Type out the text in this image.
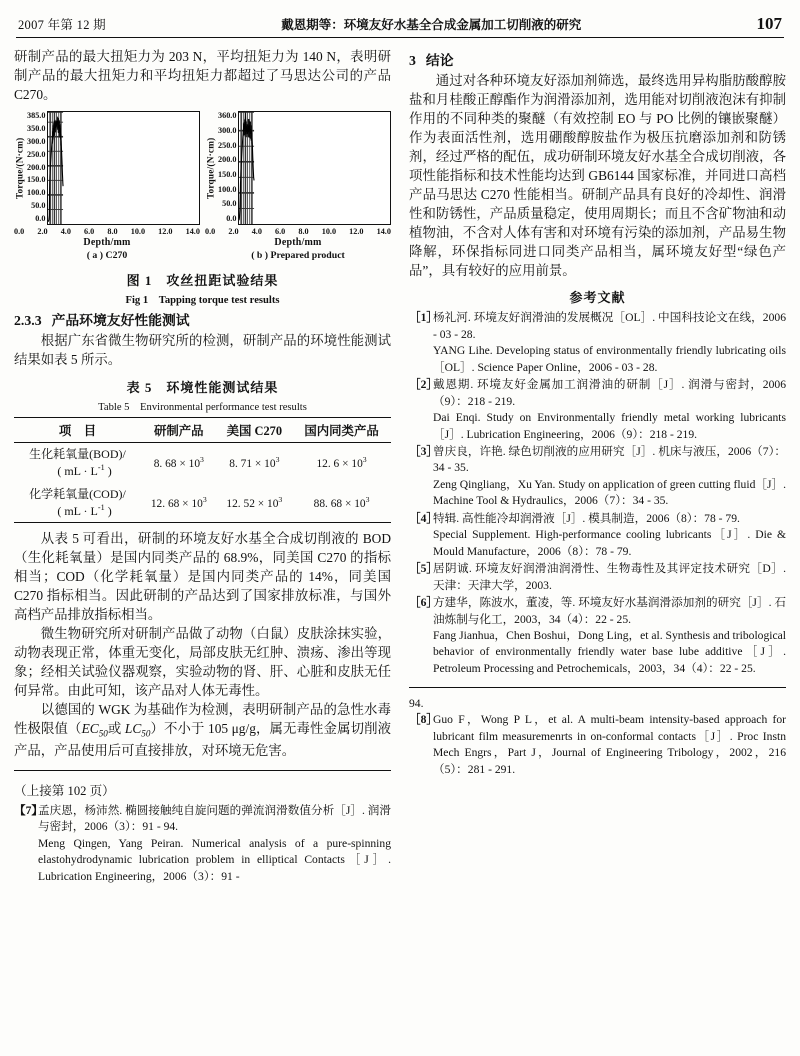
2007 年第 12 期	戴恩期等：环境友好水基全合成金属加工切削液的研究	107

研制产品的最大扭矩力为 203 N，平均扭矩力为 140 N，表明研制产品的最大扭矩力和平均扭矩力都超过了马思达公司的产品 C270。

Torque/(N·cm)
385.0
350.0
300.0
250.0
200.0
150.0
100.0
50.0
0.0
0.0 2.0 4.0 6.0 8.0 10.0 12.0 14.0
Depth/mm
( a ) C270
Torque/(N·cm)
360.0
300.0
250.0
200.0
150.0
100.0
50.0
0.0
0.0 2.0 4.0 6.0 8.0 10.0 12.0 14.0
Depth/mm
( b ) Prepared product
图 1　攻丝扭距试验结果
Fig 1　Tapping torque test results
2.3.3 产品环境友好性能测试

根据广东省微生物研究所的检测，研制产品的环境性能测试结果如表 5 所示。

表 5　环境性能测试结果
Table 5　Environmental performance test results
项　目	研制产品	美国 C270	国内同类产品
生化耗氧量(BOD)/
( mL · $L^{-1}$ )	8. $68 \times 10^3$	8. $71 \times 10^3$	12. $6 \times 10^3$
化学耗氧量(COD)/
( mL · $L^{-1}$ )	12. $68 \times 10^3$	12. $52 \times 10^3$	88. $68 \times 10^3$

从表 5 可看出，研制的环境友好水基全合成切削液的 BOD（生化耗氧量）是国内同类产品的 68.9%，同美国 C270 的指标相当；COD（化学耗氧量）是国内同类产品的 14%，同美国 C270 指标相当。因此研制的产品达到了国家排放标准，与国外高档产品排放指标相当。

微生物研究所对研制产品做了动物（白鼠）皮肤涂抹实验，动物表现正常，体重无变化，局部皮肤无红肿、溃疡、渗出等现象；经相关试验仪器观察，实验动物的肾、肝、心脏和皮肤无任何异常。由此可知，该产品对人体无毒性。

以德国的 WGK 为基础作为检测，表明研制产品的急性水毒性极限值（$EC_{50}$或 $LC_{50}$）不小于 105 μg/g，属无毒性金属切削液产品，产品使用后可直接排放，对环境无危害。

（上接第 102 页）
【7】
孟庆恩，杨沛然. 椭圆接触纯自旋问题的弹流润滑数值分析［J］. 润滑与密封，2006（3）：91 - 94.
Meng Qingen, Yang Peiran. Numerical analysis of a pure-spinning elastohydrodynamic lubrication problem in elliptical Contacts［J］. Lubrication Engineering，2006（3）：91 -
3 结论

通过对各种环境友好添加剂筛选，最终选用异构脂肪酸醇胺盐和月桂酸正醇酯作为润滑添加剂，选用能对切削液泡沫有抑制作用的不同种类的聚醚（有效控制 EO 与 PO 比例的镶嵌聚醚）作为表面活性剂，选用硼酸醇胺盐作为极压抗磨添加剂和防锈剂，经过严格的配伍，成功研制环境友好水基全合成切削液，各项性能指标和技术性能均达到 GB6144 国家标准，并同进口高档产品马思达 C270 性能相当。研制产品具有良好的冷却性、润滑性和防锈性，产品质量稳定，使用周期长；而且不含矿物油和动植物油，不含对人体有害和对环境有污染的添加剂，产品易生物降解，环保指标同进口同类产品相当，属环境友好型“绿色产品”，具有较好的应用前景。

参考文献
［1］
杨礼河. 环境友好润滑油的发展概况［OL］. 中国科技论文在线，2006 - 03 - 28.
YANG Lihe. Developing status of environmentally friendly lubricating oils［OL］. Science Paper Online，2006 - 03 - 28.
［2］
戴恩期. 环境友好金属加工润滑油的研制［J］. 润滑与密封，2006（9）：218 - 219.
Dai Enqi. Study on Environmentally friendly metal working lubricants［J］. Lubrication Engineering，2006（9）：218 - 219.
［3］
曾庆良，许艳. 绿色切削液的应用研究［J］. 机床与液压，2006（7）：34 - 35.
Zeng Qingliang，Xu Yan. Study on application of green cutting fluid［J］. Machine Tool & Hydraulics，2006（7）：34 - 35.
［4］
特辑. 高性能冷却润滑液［J］. 模具制造，2006（8）：78 - 79.
Special Supplement. High-performance cooling lubricants［J］. Die & Mould Manufacture，2006（8）：78 - 79.
［5］
居阴诚. 环境友好润滑油润滑性、生物毒性及其评定技术研究［D］. 天津：天津大学，2003.
［6］
方建华，陈波水，董凌，等. 环境友好水基润滑添加剂的研究［J］. 石油炼制与化工，2003，34（4）：22 - 25.
Fang Jianhua，Chen Boshui，Dong Ling，et al. Synthesis and tribological behavior of environmentally friendly water base lube additive［J］. Petroleum Processing and Petrochemicals，2003，34（4）：22 - 25.
94.
［8］
Guo F，Wong P L，et al. A multi-beam intensity-based approach for lubricant film measuremenrts in on-conformal contacts［J］. Proc Instn Mech Engrs，Part J，Journal of Engineering Tribology，2002，216（5）：281 - 291.
